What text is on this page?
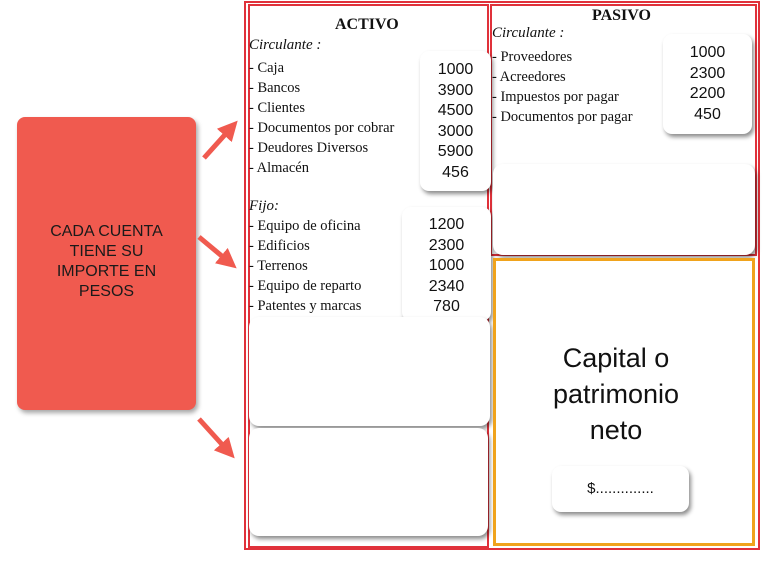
CADA CUENTA
TIENE SU
IMPORTE EN
PESOS
ACTIVO
Circulante :
- Caja
- Bancos
- Clientes
- Documentos por cobrar
- Deudores Diversos
- Almacén
1000
3900
4500
3000
5900
456
Fijo:
- Equipo de oficina
- Edificios
- Terrenos
- Equipo de reparto
- Patentes y marcas
1200
2300
1000
2340
780
PASIVO
Circulante :
- Proveedores
- Acreedores
- Impuestos por pagar
- Documentos por pagar
1000
2300
2200
450
Capital o
patrimonio
neto
$..............
